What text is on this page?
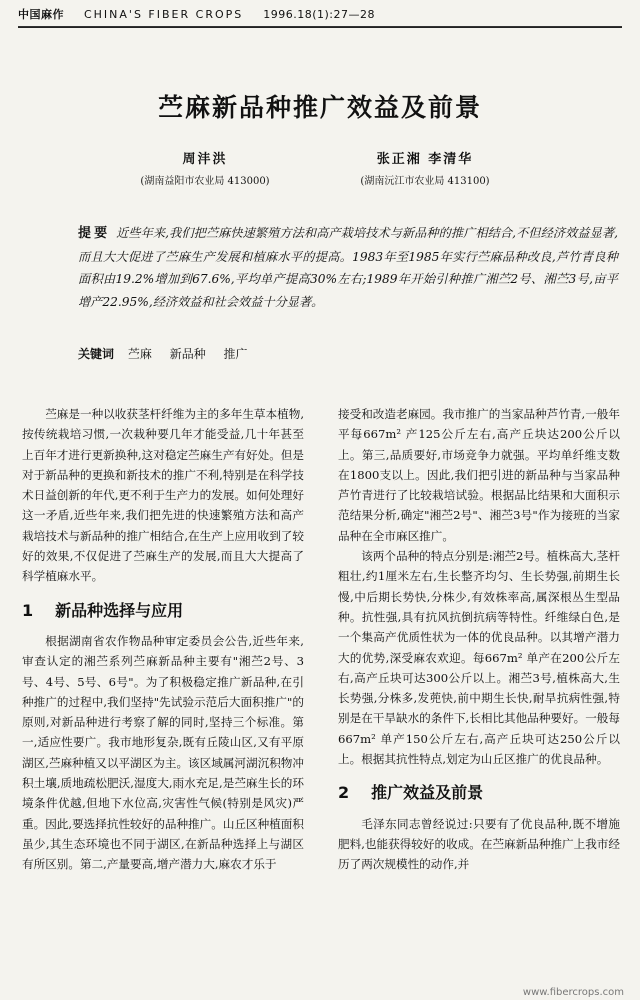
中国麻作 CHINA'S FIBER CROPS 1996.18(1):27—28
苎麻新品种推广效益及前景
周沣洪
(湖南益阳市农业局 413000)
张正湘 李清华
(湖南沅江市农业局 413100)
提要 近些年来,我们把苎麻快速繁殖方法和高产栽培技术与新品种的推广相结合,不但经济效益显著,而且大大促进了苎麻生产发展和植麻水平的提高。1983年至1985年实行苎麻品种改良,芦竹青良种面积由19.2%增加到67.6%,平均单产提高30%左右;1989年开始引种推广湘苎2号、湘苎3号,亩平增产22.95%,经济效益和社会效益十分显著。
关键词 苎麻 新品种 推广

苎麻是一种以收获茎杆纤维为主的多年生草本植物,按传统栽培习惯,一次栽种要几年才能受益,几十年甚至上百年才进行更新换种,这对稳定苎麻生产有好处。但是对于新品种的更换和新技术的推广不利,特别是在科学技术日益创新的年代,更不利于生产力的发展。如何处理好这一矛盾,近些年来,我们把先进的快速繁殖方法和高产栽培技术与新品种的推广相结合,在生产上应用收到了较好的效果,不仅促进了苎麻生产的发展,而且大大提高了科学植麻水平。

1 新品种选择与应用

根据湖南省农作物品种审定委员会公告,近些年来,审查认定的湘苎系列苎麻新品种主要有"湘苎2号、3号、4号、5号、6号"。为了积极稳定推广新品种,在引种推广的过程中,我们坚持"先试验示范后大面积推广"的原则,对新品种进行考察了解的同时,坚持三个标准。第一,适应性要广。我市地形复杂,既有丘陵山区,又有平原湖区,苎麻种植又以平湖区为主。该区域属河湖沉积物冲积土壤,质地疏松肥沃,湿度大,雨水充足,是苎麻生长的环境条件优越,但地下水位高,灾害性气候(特别是风灾)严重。因此,要选择抗性较好的品种推广。山丘区种植面积虽少,其生态环境也不同于湖区,在新品种选择上与湖区有所区别。第二,产量要高,增产潜力大,麻农才乐于

接受和改造老麻园。我市推广的当家品种芦竹青,一般年平每667m² 产125公斤左右,高产丘块达200公斤以上。第三,品质要好,市场竞争力就强。平均单纤维支数在1800支以上。因此,我们把引进的新品种与当家品种芦竹青进行了比较栽培试验。根据品比结果和大面积示范结果分析,确定"湘苎2号"、湘苎3号"作为接班的当家品种在全市麻区推广。

该两个品种的特点分别是:湘苎2号。植株高大,茎杆粗壮,约1厘米左右,生长整齐均匀、生长势强,前期生长慢,中后期长势快,分株少,有效株率高,属深根丛生型品种。抗性强,具有抗风抗倒抗病等特性。纤维绿白色,是一个集高产优质性状为一体的优良品种。以其增产潜力大的优势,深受麻农欢迎。每667m² 单产在200公斤左右,高产丘块可达300公斤以上。湘苎3号,植株高大,生长势强,分株多,发蔸快,前中期生长快,耐旱抗病性强,特别是在干旱缺水的条件下,长相比其他品种要好。一般每667m² 单产150公斤左右,高产丘块可达250公斤以上。根据其抗性特点,划定为山丘区推广的优良品种。

2 推广效益及前景

毛泽东同志曾经说过:只要有了优良品种,既不增施肥料,也能获得较好的收成。在苎麻新品种推广上我市经历了两次规模性的动作,并

www.fibercrops.com
